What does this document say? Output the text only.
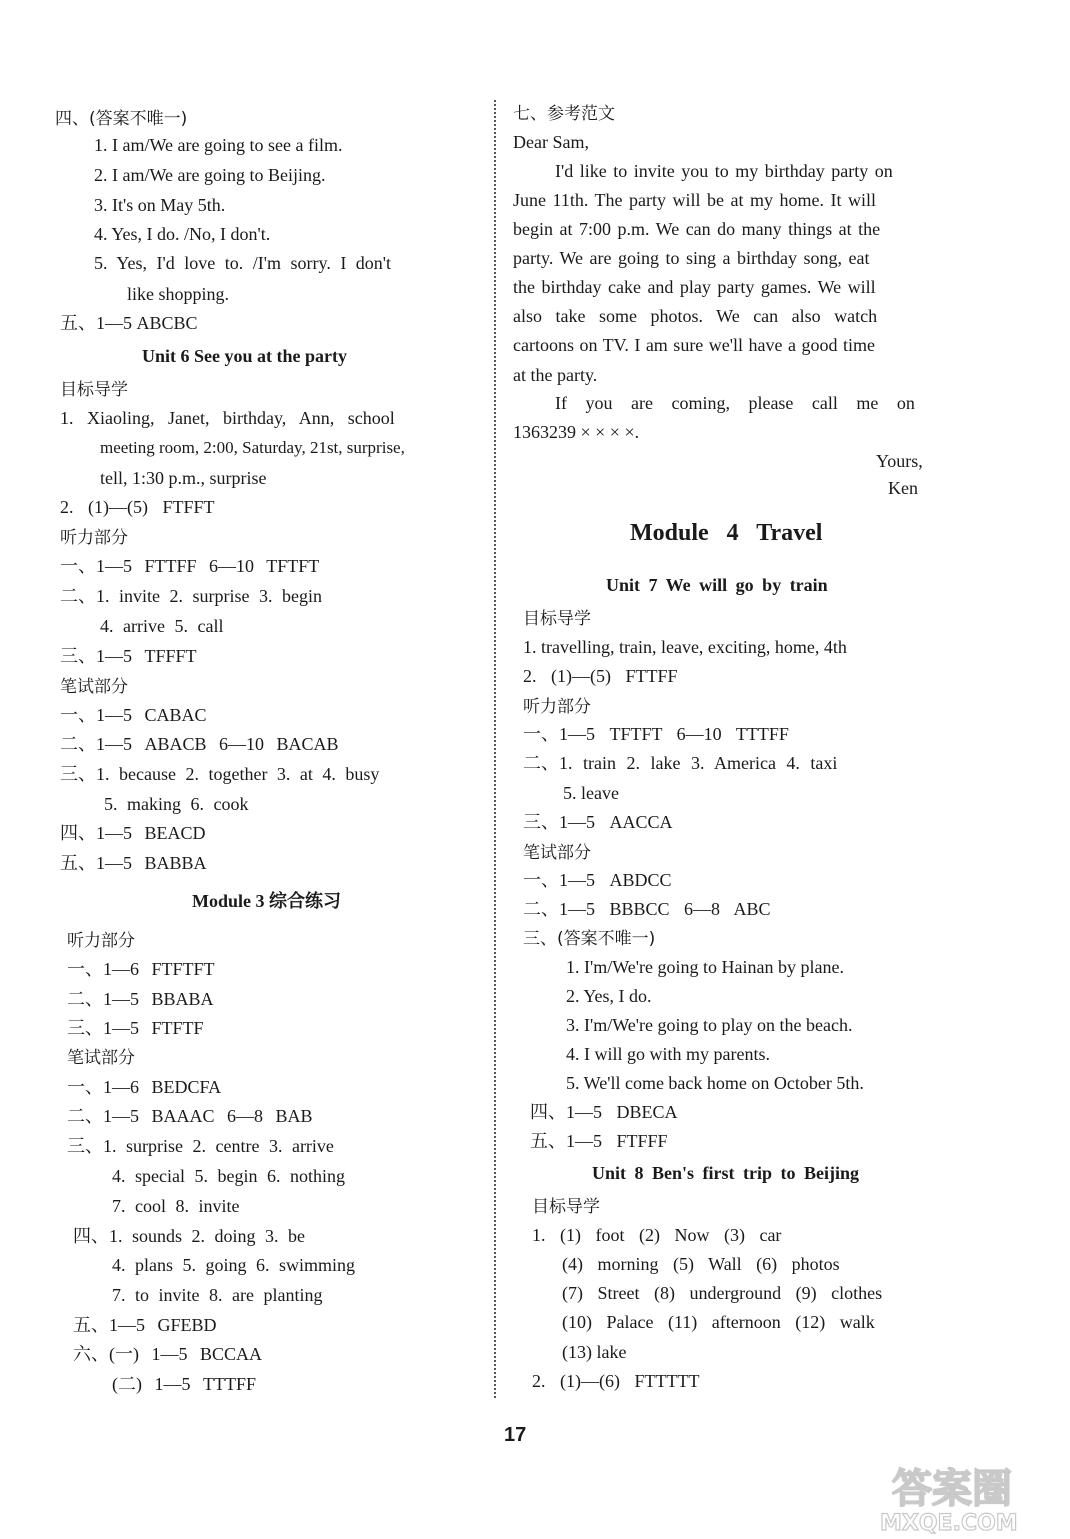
四、(答案不唯一)
1. I am/We are going to see a film.
2. I am/We are going to Beijing.
3. It's on May 5th.
4. Yes, I do. /No, I don't.
5. Yes, I'd love to. /I'm sorry. I don't
like shopping.
五、1—5 ABCBC
Unit 6 See you at the party
目标导学
1. Xiaoling, Janet, birthday, Ann, school
meeting room, 2:00, Saturday, 21st, surprise,
tell, 1:30 p.m., surprise
2. (1)—(5) FTFFT
听力部分
一、1—5 FTTFF 6—10 TFTFT
二、1. invite 2. surprise 3. begin
4. arrive 5. call
三、1—5 TFFFT
笔试部分
一、1—5 CABAC
二、1—5 ABACB 6—10 BACAB
三、1. because 2. together 3. at 4. busy
5. making 6. cook
四、1—5 BEACD
五、1—5 BABBA
Module 3 综合练习
听力部分
一、1—6 FTFTFT
二、1—5 BBABA
三、1—5 FTFTF
笔试部分
一、1—6 BEDCFA
二、1—5 BAAAC 6—8 BAB
三、1. surprise 2. centre 3. arrive
4. special 5. begin 6. nothing
7. cool 8. invite
四、1. sounds 2. doing 3. be
4. plans 5. going 6. swimming
7. to invite 8. are planting
五、1—5 GFEBD
六、(一) 1—5 BCCAA
(二) 1—5 TTTFF
七、参考范文
Dear Sam,
I'd like to invite you to my birthday party on
June 11th. The party will be at my home. It will
begin at 7:00 p.m. We can do many things at the
party. We are going to sing a birthday song, eat
the birthday cake and play party games. We will
also take some photos. We can also watch
cartoons on TV. I am sure we'll have a good time
at the party.
If you are coming, please call me on
1363239 × × × ×.
Yours,
Ken
Module 4 Travel
Unit 7 We will go by train
目标导学
1. travelling, train, leave, exciting, home, 4th
2. (1)—(5) FTTFF
听力部分
一、1—5 TFTFT 6—10 TTTFF
二、1. train 2. lake 3. America 4. taxi
5. leave
三、1—5 AACCA
笔试部分
一、1—5 ABDCC
二、1—5 BBBCC 6—8 ABC
三、(答案不唯一)
1. I'm/We're going to Hainan by plane.
2. Yes, I do.
3. I'm/We're going to play on the beach.
4. I will go with my parents.
5. We'll come back home on October 5th.
四、1—5 DBECA
五、1—5 FTFFF
Unit 8 Ben's first trip to Beijing
目标导学
1. (1) foot (2) Now (3) car
(4) morning (5) Wall (6) photos
(7) Street (8) underground (9) clothes
(10) Palace (11) afternoon (12) walk
(13) lake
2. (1)—(6) FTTTTT
17
答案圈
MXQE.COM
